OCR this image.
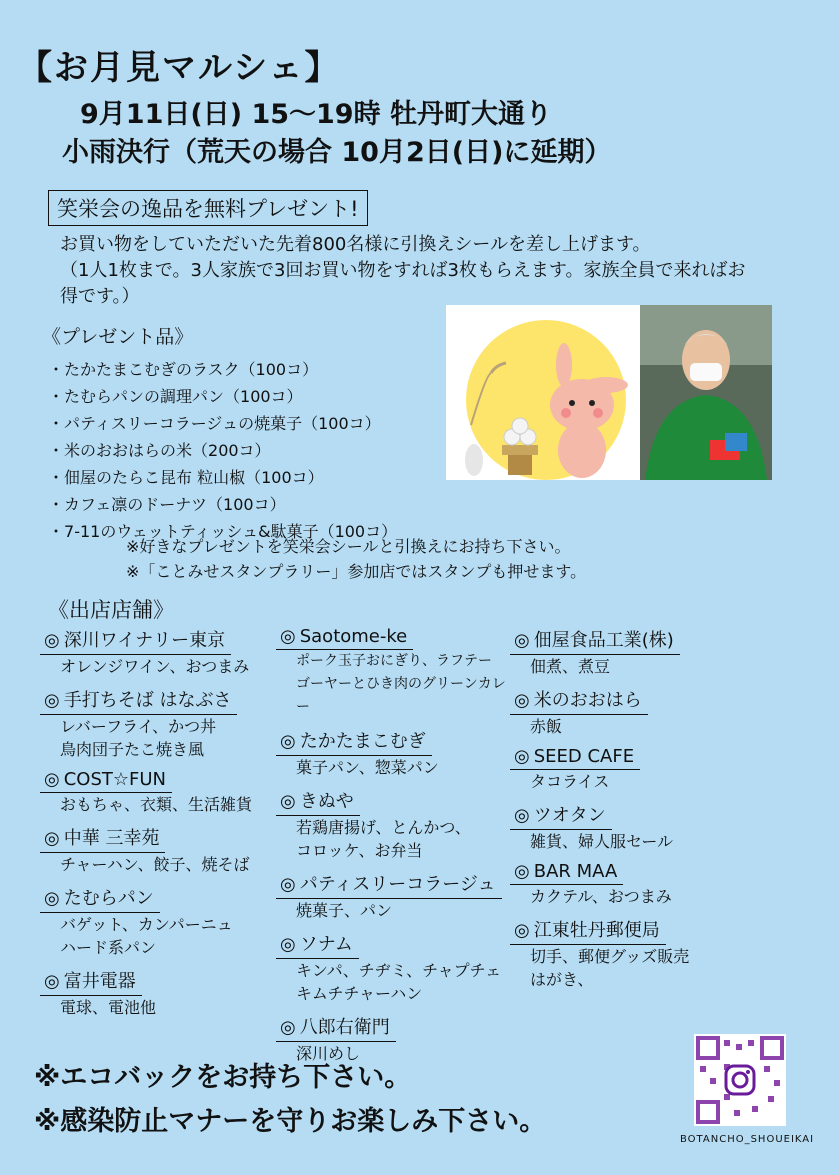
【お月見マルシェ】
9月11日(日) 15〜19時 牡丹町大通り
小雨決行（荒天の場合 10月2日(日)に延期）
笑栄会の逸品を無料プレゼント!
お買い物をしていただいた先着800名様に引換えシールを差し上げます。
（1人1枚まで。3人家族で3回お買い物をすれば3枚もらえます。家族全員で来ればお得です。）
《プレゼント品》
・ たかたまこむぎのラスク（100コ）
・ たむらパンの調理パン（100コ）
・ パティスリーコラージュの焼菓子（100コ）
・ 米のおおはらの米（200コ）
・ 佃屋のたらこ昆布 粒山椒（100コ）
・ カフェ凛のドーナツ（100コ）
・ 7-11のウェットティッシュ&駄菓子（100コ）
※好きなプレゼントを笑栄会シールと引換えにお持ち下さい。
※「ことみせスタンプラリー」参加店ではスタンプも押せます。
《出店店舗》
◎ 深川ワイナリー東京
オレンジワイン、おつまみ
◎ 手打ちそば はなぶさ
レバーフライ、かつ丼
鳥肉団子たこ焼き風
◎ COST☆FUN
おもちゃ、衣類、生活雑貨
◎ 中華 三幸苑
チャーハン、餃子、焼そば
◎ たむらパン
バゲット、カンパーニュ
ハード系パン
◎ 富井電器
電球、電池他
◎ Saotome-ke
ポーク玉子おにぎり、ラフテー
ゴーヤーとひき肉のグリーンカレー
◎ たかたまこむぎ
菓子パン、惣菜パン
◎ きぬや
若鶏唐揚げ、とんかつ、
コロッケ、お弁当
◎ パティスリーコラージュ
焼菓子、パン
◎ ソナム
キンパ、チヂミ、チャプチェ
キムチチャーハン
◎ 八郎右衛門
深川めし
◎ 佃屋食品工業(株)
佃煮、煮豆
◎ 米のおおはら
赤飯
◎ SEED CAFE
タコライス
◎ ツオタン
雑貨、婦人服セール
◎ BAR MAA
カクテル、おつまみ
◎ 江東牡丹郵便局
切手、郵便グッズ販売
はがき、
※エコバックをお持ち下さい。
※感染防止マナーを守りお楽しみ下さい。
BOTANCHO_SHOUEIKAI
